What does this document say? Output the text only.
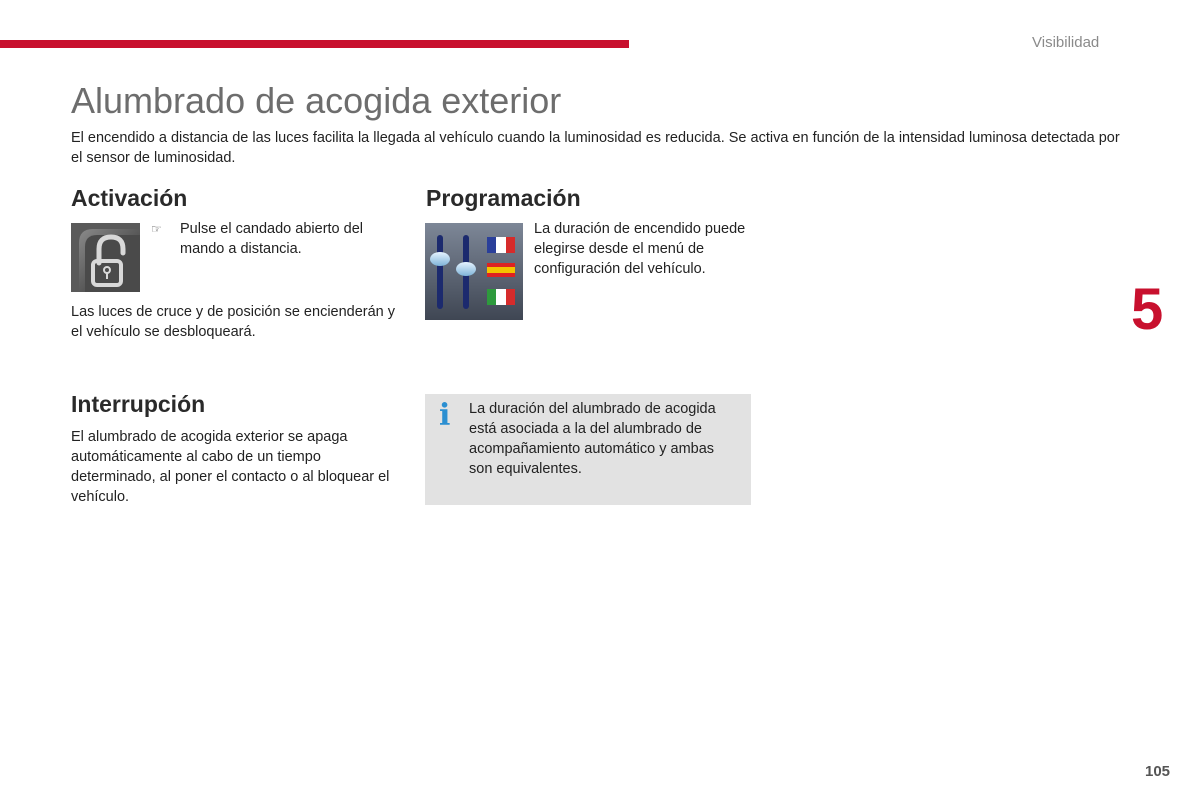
Visibilidad
Alumbrado de acogida exterior

El encendido a distancia de las luces facilita la llegada al vehículo cuando la luminosidad es reducida. Se activa en función de la intensidad luminosa detectada por el sensor de luminosidad.

Activación
☞ Pulse el candado abierto del mando a distancia.

Las luces de cruce y de posición se encienderán y el vehículo se desbloqueará.

Programación

La duración de encendido puede elegirse desde el menú de configuración del vehículo.

Interrupción

El alumbrado de acogida exterior se apaga automáticamente al cabo de un tiempo determinado, al poner el contacto o al bloquear el vehículo.

i La duración del alumbrado de acogida está asociada a la del alumbrado de acompañamiento automático y ambas son equivalentes.

5
105
